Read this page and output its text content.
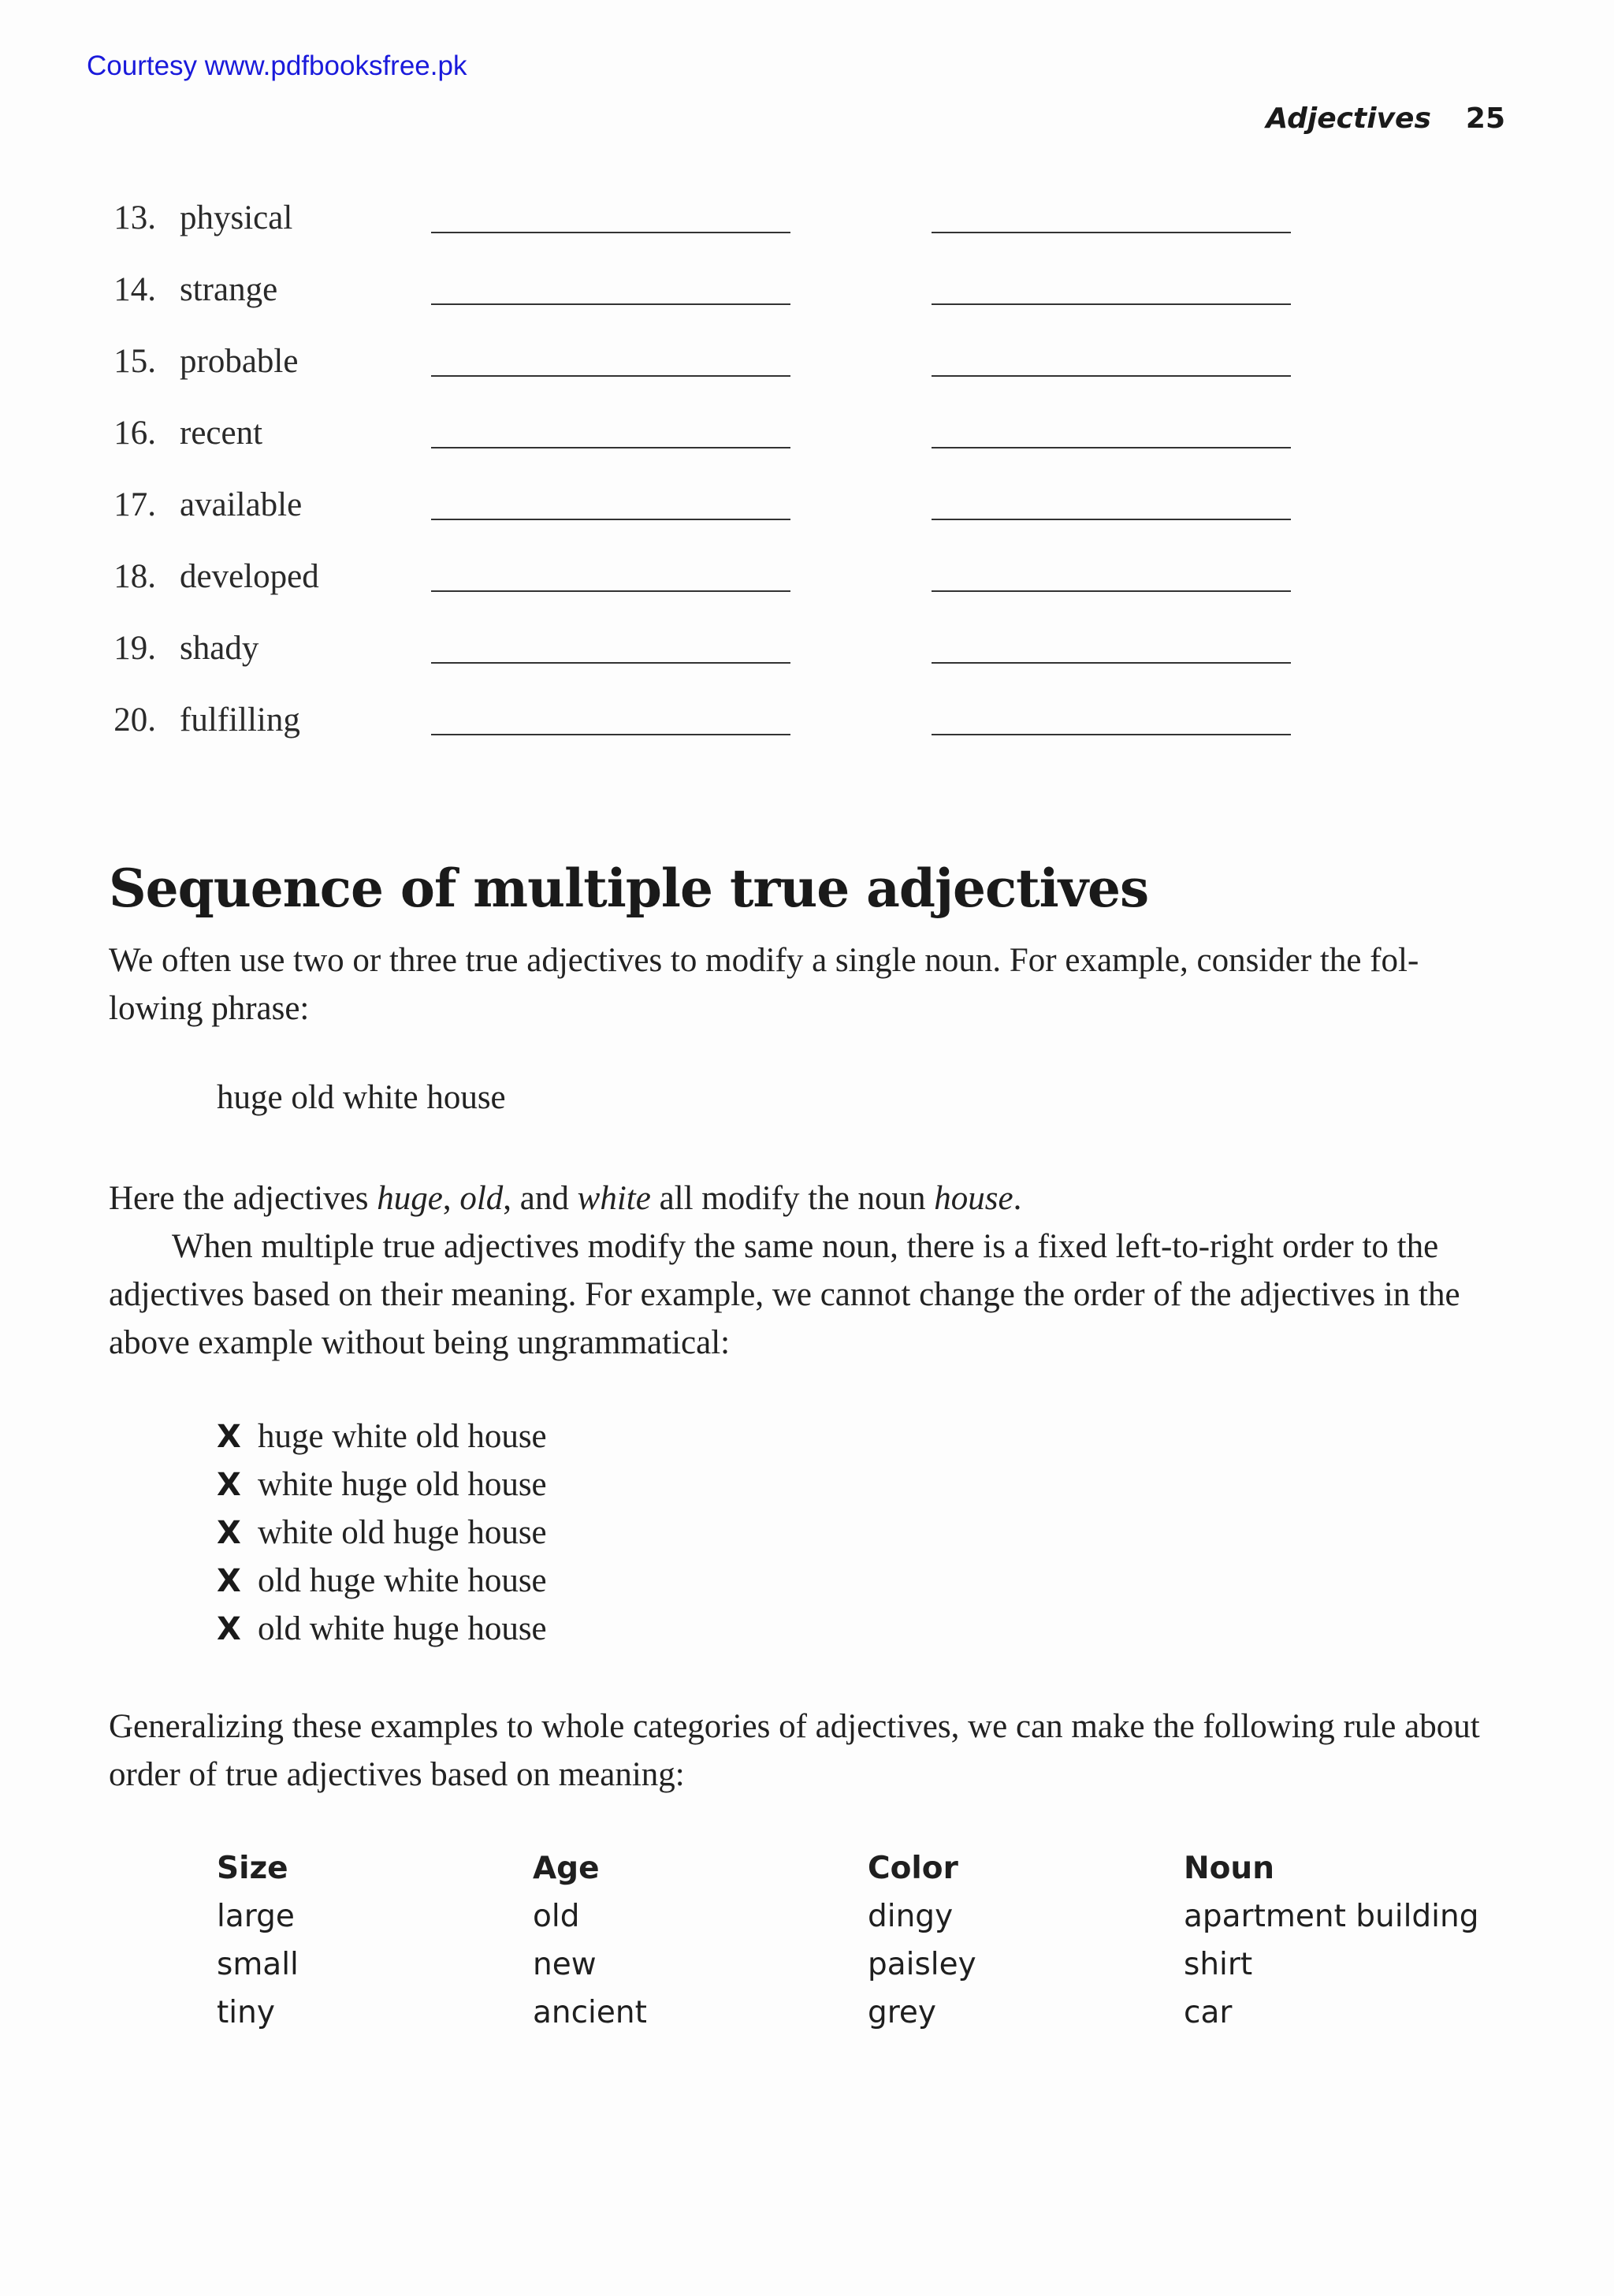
Courtesy www.pdfbooksfree.pk
Adjectives 25
13. physical
14. strange
15. probable
16. recent
17. available
18. developed
19. shady
20. fulfilling
Sequence of multiple true adjectives

We often use two or three true adjectives to modify a single noun. For example, consider the fol-lowing phrase:

huge old white house

Here the adjectives huge, old, and white all modify the noun house.

When multiple true adjectives modify the same noun, there is a fixed left-to-right order to the adjectives based on their meaning. For example, we cannot change the order of the adjectives in the above example without being ungrammatical:

X huge white old house
X white huge old house
X white old huge house
X old huge white house
X old white huge house

Generalizing these examples to whole categories of adjectives, we can make the following rule about order of true adjectives based on meaning:

Size	Age	Color	Noun
large	old	dingy	apartment building
small	new	paisley	shirt
tiny	ancient	grey	car
